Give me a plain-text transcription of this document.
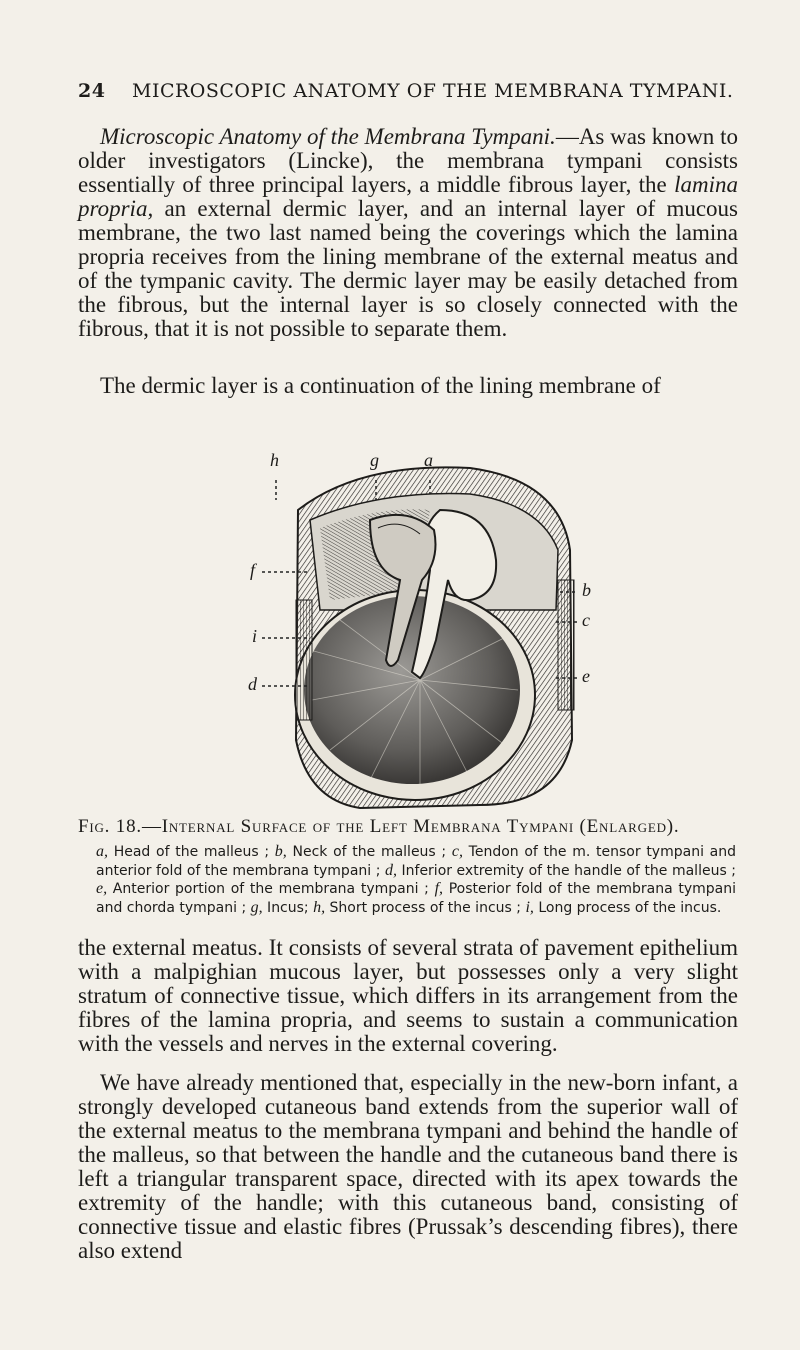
24 MICROSCOPIC ANATOMY OF THE MEMBRANA TYMPANI.

Microscopic Anatomy of the Membrana Tympani.—As was known to older investigators (Lincke), the membrana tympani consists essentially of three principal layers, a middle fibrous layer, the lamina propria, an external dermic layer, and an internal layer of mucous membrane, the two last named being the coverings which the lamina propria receives from the lining membrane of the external meatus and of the tympanic cavity. The dermic layer may be easily detached from the fibrous, but the internal layer is so closely connected with the fibrous, that it is not possible to separate them.

The dermic layer is a continuation of the lining membrane of

h	g	a
f
i
d
b
c
e
Fig. 18.—Internal Surface of the Left Membrana Tympani (Enlarged).
a, Head of the malleus ; b, Neck of the malleus ; c, Tendon of the m. tensor tympani and anterior fold of the membrana tympani ; d, Inferior extremity of the handle of the malleus ; e, Anterior portion of the membrana tympani ; f, Posterior fold of the membrana tympani and chorda tympani ; g, Incus; h, Short process of the incus ; i, Long process of the incus.

the external meatus. It consists of several strata of pavement epithelium with a malpighian mucous layer, but possesses only a very slight stratum of connective tissue, which differs in its arrangement from the fibres of the lamina propria, and seems to sustain a communication with the vessels and nerves in the external covering.

We have already mentioned that, especially in the new-born infant, a strongly developed cutaneous band extends from the superior wall of the external meatus to the membrana tympani and behind the handle of the malleus, so that between the handle and the cutaneous band there is left a triangular transparent space, directed with its apex towards the extremity of the handle; with this cutaneous band, consisting of connective tissue and elastic fibres (Prussak’s descending fibres), there also extend
